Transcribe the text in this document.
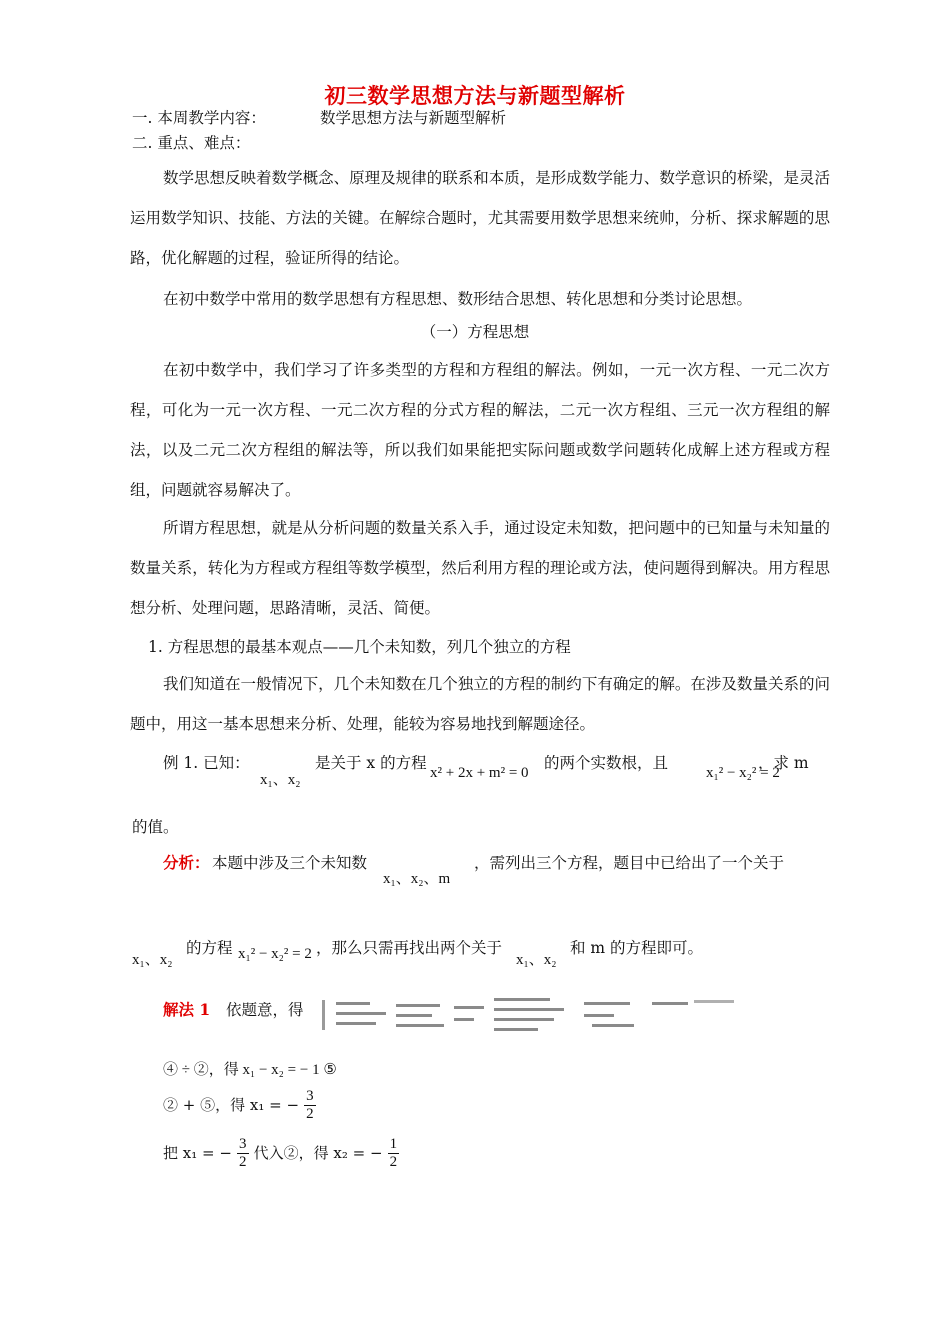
初三数学思想方法与新题型解析
一. 本周教学内容：	数学思想方法与新题型解析
二. 重点、难点：

数学思想反映着数学概念、原理及规律的联系和本质，是形成数学能力、数学意识的桥梁，是灵活运用数学知识、技能、方法的关键。在解综合题时，尤其需要用数学思想来统帅，分析、探求解题的思路，优化解题的过程，验证所得的结论。

在初中数学中常用的数学思想有方程思想、数形结合思想、转化思想和分类讨论思想。

（一）方程思想

在初中数学中，我们学习了许多类型的方程和方程组的解法。例如，一元一次方程、一元二次方程，可化为一元一次方程、一元二次方程的分式方程的解法，二元一次方程组、三元一次方程组的解法，以及二元二次方程组的解法等，所以我们如果能把实际问题或数学问题转化成解上述方程或方程组，问题就容易解决了。

所谓方程思想，就是从分析问题的数量关系入手，通过设定未知数，把问题中的已知量与未知量的数量关系，转化为方程或方程组等数学模型，然后利用方程的理论或方法，使问题得到解决。用方程思想分析、处理问题，思路清晰，灵活、简便。

1. 方程思想的最基本观点——几个未知数，列几个独立的方程

我们知道在一般情况下，几个未知数在几个独立的方程的制约下有确定的解。在涉及数量关系的问题中，用这一基本思想来分析、处理，能较为容易地找到解题途径。

例 1. 已知：
x₁、x₂
是关于 x 的方程
x² + 2x + m² = 0
的两个实数根，且
x₁² − x₂² = 2
，求 m
的值。
分析： 本题中涉及三个未知数
x₁、x₂、m
，需列出三个方程，题目中已给出了一个关于
x₁、x₂
的方程 x₁² − x₂² = 2 ，那么只需再找出两个关于
x₁、x₂
和 m 的方程即可。
解法 1 依题意，得
④ ÷ ②，得 x₁ − x₂ = − 1 ⑤
② + ⑤，得 x₁ = − $\frac{3}{2}$
把 x₁ = − $\frac{3}{2}$ 代入②，得 x₂ = − $\frac{1}{2}$
